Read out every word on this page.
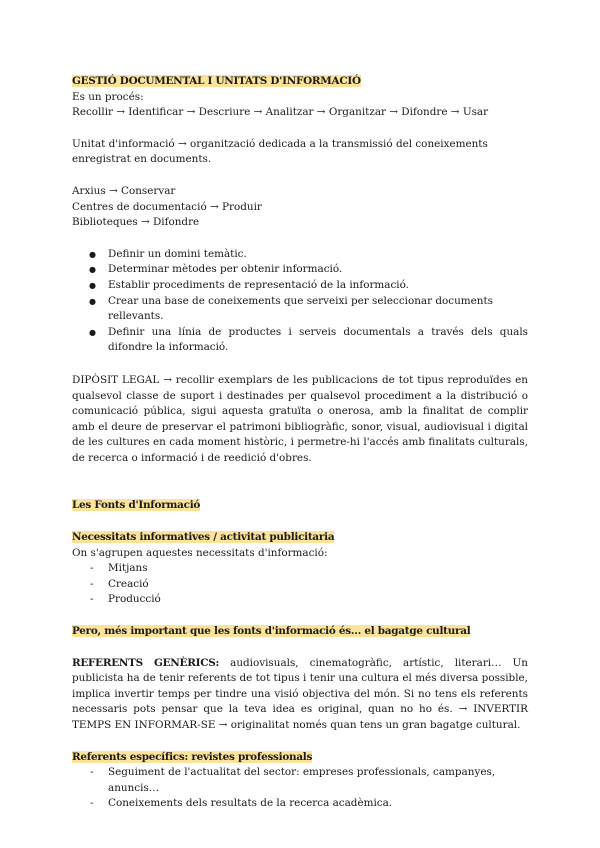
GESTIÓ DOCUMENTAL I UNITATS D'INFORMACIÓ

Es un procés:

Recollir → Identificar → Descriure → Analitzar → Organitzar → Difondre → Usar

Unitat d'informació → organització dedicada a la transmissió del coneixements enregistrat en documents.

Arxius → Conservar

Centres de documentació → Produir

Biblioteques → Difondre

● Definir un domini temàtic.
● Determinar mètodes per obtenir informació.
● Establir procediments de representació de la informació.
● Crear una base de coneixements que serveixi per seleccionar documents rellevants.
● Definir una línia de productes i serveis documentals a través dels quals difondre la informació.

DIPÒSIT LEGAL → recollir exemplars de les publicacions de tot tipus reproduïdes en qualsevol classe de suport i destinades per qualsevol procediment a la distribució o comunicació pública, sigui aquesta gratuïta o onerosa, amb la finalitat de complir amb el deure de preservar el patrimoni bibliogràfic, sonor, visual, audiovisual i digital de les cultures en cada moment històric, i permetre-hi l'accés amb finalitats culturals, de recerca o informació i de reedició d'obres.

Les Fonts d'Informació

Necessitats informatives / activitat publicitaria

On s'agrupen aquestes necessitats d'informació:

- Mitjans
- Creació
- Producció

Pero, més important que les fonts d'informació és… el bagatge cultural

REFERENTS GENÈRICS: audiovisuals, cinematogràfic, artístic, literari… Un publicista ha de tenir referents de tot tipus i tenir una cultura el més diversa possible, implica invertir temps per tindre una visió objectiva del món. Si no tens els referents necessaris pots pensar que la teva idea es original, quan no ho és. → INVERTIR TEMPS EN INFORMAR-SE → originalitat només quan tens un gran bagatge cultural.

Referents específics: revistes professionals

- Seguiment de l'actualitat del sector: empreses professionals, campanyes, anuncis…
- Coneixements dels resultats de la recerca acadèmica.
